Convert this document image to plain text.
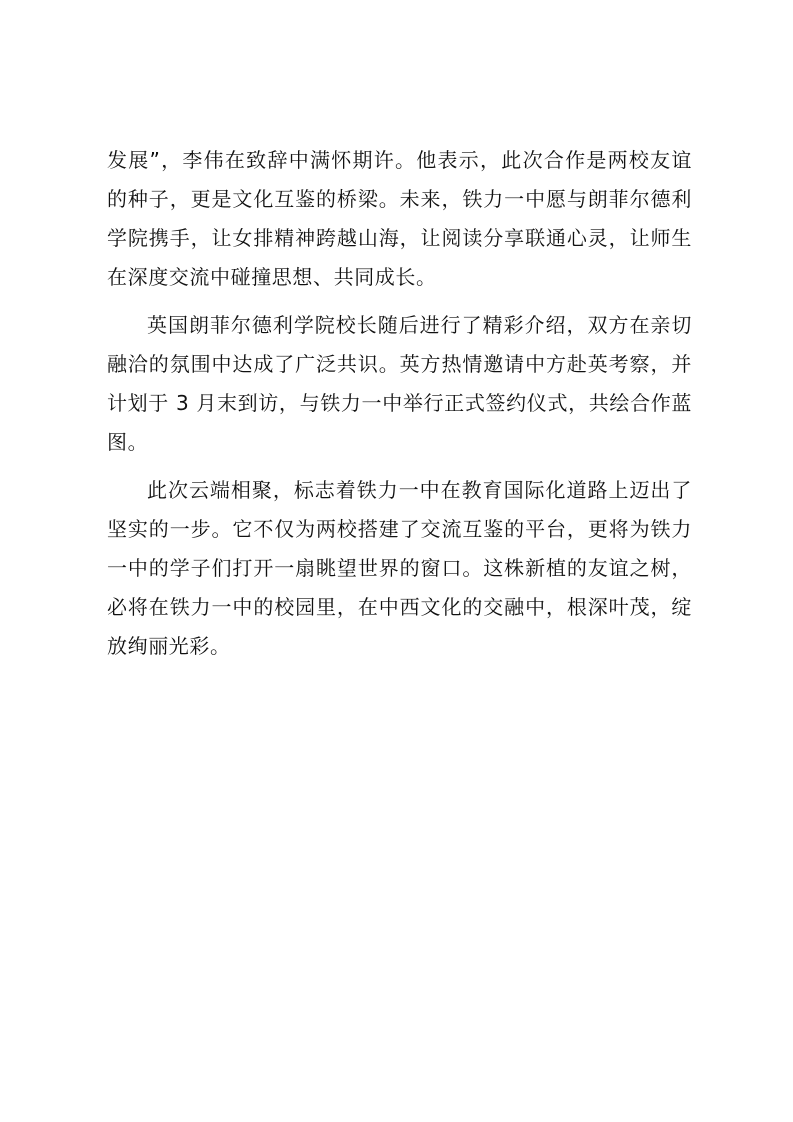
发展”，李伟在致辞中满怀期许。他表示，此次合作是两校友谊的种子，更是文化互鉴的桥梁。未来，铁力一中愿与朗菲尔德利学院携手，让女排精神跨越山海，让阅读分享联通心灵，让师生在深度交流中碰撞思想、共同成长。

英国朗菲尔德利学院校长随后进行了精彩介绍，双方在亲切融洽的氛围中达成了广泛共识。英方热情邀请中方赴英考察，并计划于 3 月末到访，与铁力一中举行正式签约仪式，共绘合作蓝图。

此次云端相聚，标志着铁力一中在教育国际化道路上迈出了坚实的一步。它不仅为两校搭建了交流互鉴的平台，更将为铁力一中的学子们打开一扇眺望世界的窗口。这株新植的友谊之树，必将在铁力一中的校园里，在中西文化的交融中，根深叶茂，绽放绚丽光彩。
